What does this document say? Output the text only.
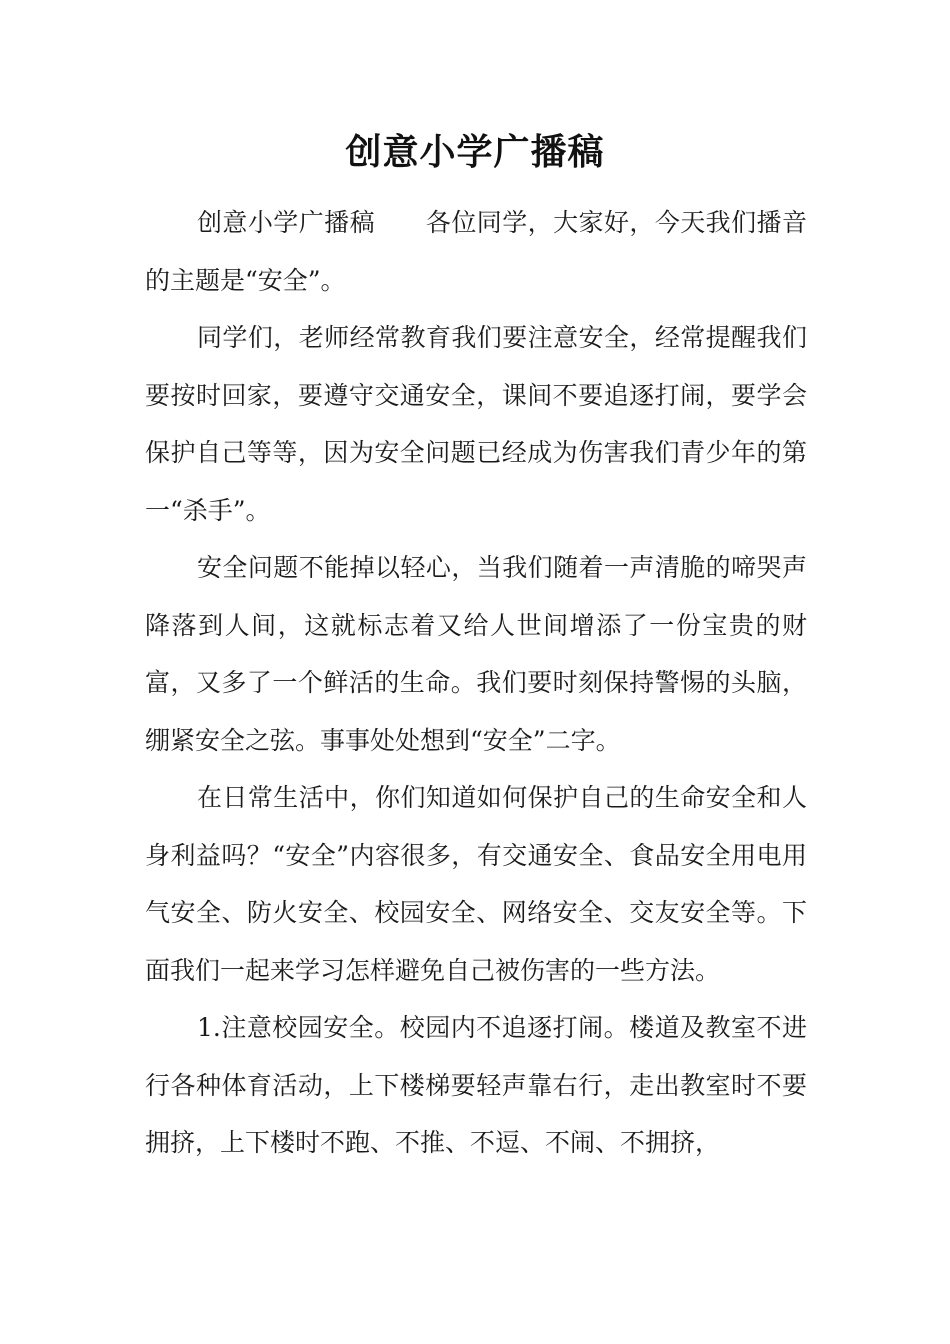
创意小学广播稿

创意小学广播稿　　各位同学，大家好，今天我们播音的主题是“安全”。

同学们，老师经常教育我们要注意安全，经常提醒我们要按时回家，要遵守交通安全，课间不要追逐打闹，要学会保护自己等等，因为安全问题已经成为伤害我们青少年的第一“杀手”。

安全问题不能掉以轻心，当我们随着一声清脆的啼哭声降落到人间，这就标志着又给人世间增添了一份宝贵的财富，又多了一个鲜活的生命。我们要时刻保持警惕的头脑，绷紧安全之弦。事事处处想到“安全”二字。

在日常生活中，你们知道如何保护自己的生命安全和人身利益吗？“安全”内容很多，有交通安全、食品安全用电用气安全、防火安全、校园安全、网络安全、交友安全等。下面我们一起来学习怎样避免自己被伤害的一些方法。

1.注意校园安全。校园内不追逐打闹。楼道及教室不进行各种体育活动，上下楼梯要轻声靠右行，走出教室时不要拥挤，上下楼时不跑、不推、不逗、不闹、不拥挤，
